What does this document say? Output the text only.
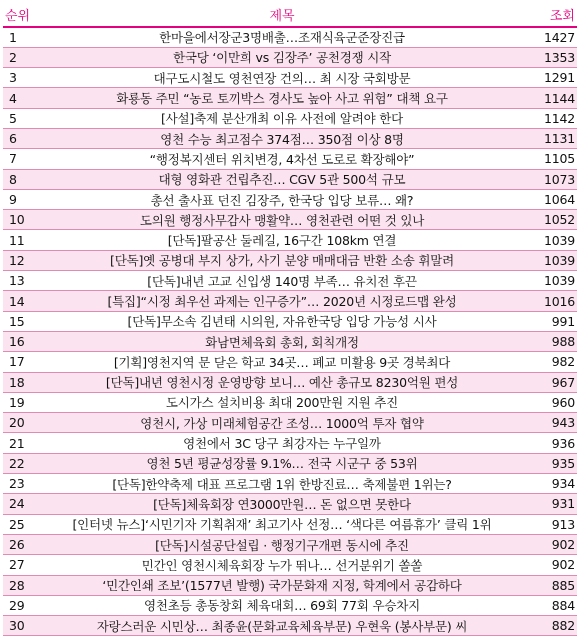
순위	제목	조회
1	한마을에서장군3명배출…조재식육군준장진급	1427
2	한국당 ‘이만희 vs 김장주’ 공천경쟁 시작	1353
3	대구도시철도 영천연장 건의… 최 시장 국회방문	1291
4	화룡동 주민 “농로 토끼박스 경사도 높아 사고 위험” 대책 요구	1144
5	[사설]축제 분산개최 이유 사전에 알려야 한다	1142
6	영천 수능 최고점수 374점… 350점 이상 8명	1131
7	“행정복지센터 위치변경, 4차선 도로로 확장해야”	1105
8	대형 영화관 건립추진… CGV 5관 500석 규모	1073
9	총선 출사표 던진 김장주, 한국당 입당 보류… 왜?	1064
10	도의원 행정사무감사 맹활약… 영천관련 어떤 것 있나	1052
11	[단독]팔공산 둘레길, 16구간 108km 연결	1039
12	[단독]옛 공병대 부지 상가, 사기 분양 매매대금 반환 소송 휘말려	1039
13	[단독]내년 고교 신입생 140명 부족… 유치전 후끈	1039
14	[특집]“시정 최우선 과제는 인구증가”… 2020년 시정로드맵 완성	1016
15	[단독]무소속 김년태 시의원, 자유한국당 입당 가능성 시사	991
16	화남면체육회 총회, 회칙개정	988
17	[기획]영천지역 문 닫은 학교 34곳… 폐교 미활용 9곳 경북최다	982
18	[단독]내년 영천시정 운영방향 보니… 예산 총규모 8230억원 편성	967
19	도시가스 설치비용 최대 200만원 지원 추진	960
20	영천시, 가상 미래체험공간 조성… 1000억 투자 협약	943
21	영천에서 3C 당구 최강자는 누구일까	936
22	영천 5년 평균성장률 9.1%… 전국 시군구 중 53위	935
23	[단독]한약축제 대표 프로그램 1위 한방진료… 축제불편 1위는?	934
24	[단독]체육회장 연3000만원… 돈 없으면 못한다	931
25	[인터넷 뉴스]‘시민기자 기획취재’ 최고기사 선정… ‘색다른 여름휴가’ 클릭 1위	913
26	[단독]시설공단설립 · 행정기구개편 동시에 추진	902
27	민간인 영천시체육회장 누가 뛰나… 선거분위기 쏠쏠	902
28	‘민간인쇄 조보’(1577년 발행) 국가문화재 지정, 학계에서 공감하다	885
29	영천초등 총동창회 체육대회… 69회 77회 우승차지	884
30	자랑스러운 시민상… 최종윤(문화교육체육부문) 우현욱 (봉사부문) 씨	882
